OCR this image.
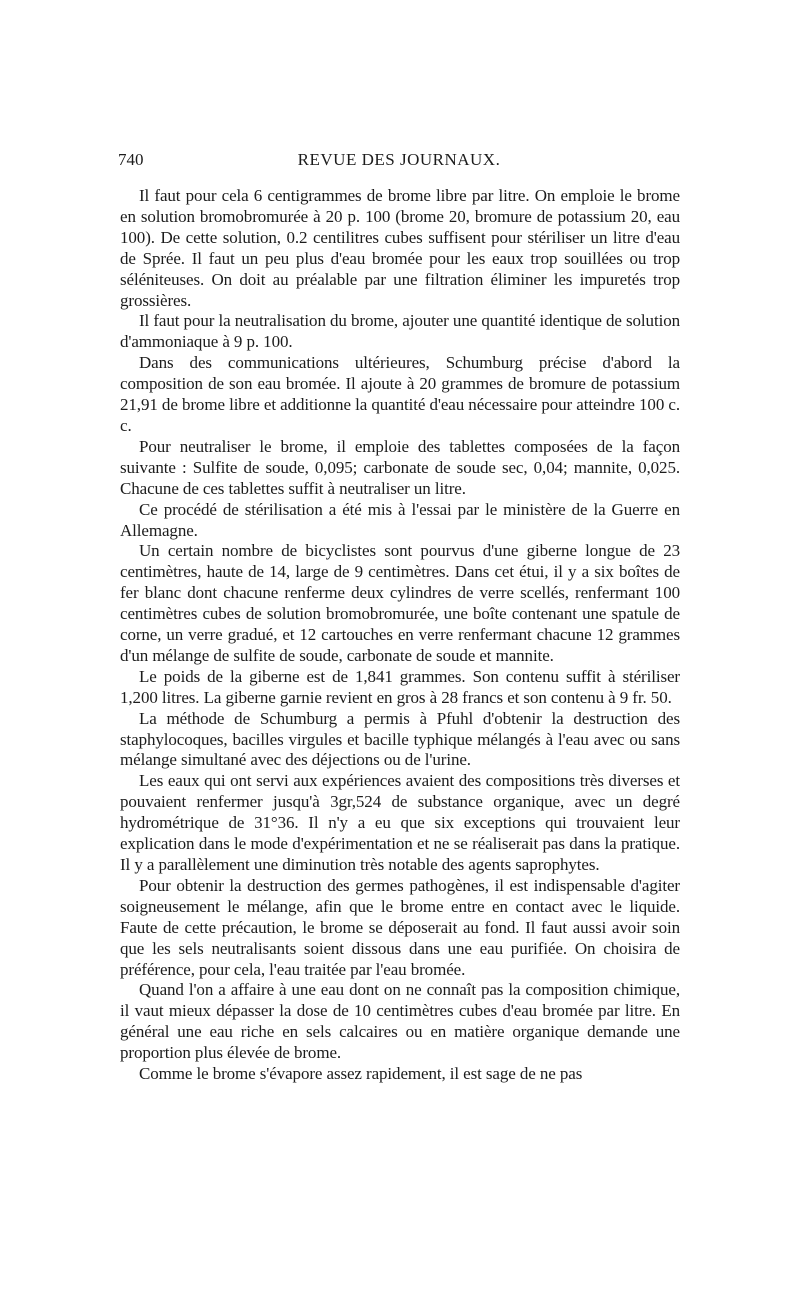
740	REVUE DES JOURNAUX.

Il faut pour cela 6 centigrammes de brome libre par litre. On emploie le brome en solution bromobromurée à 20 p. 100 (brome 20, bromure de potassium 20, eau 100). De cette solution, 0.2 centilitres cubes suffisent pour stériliser un litre d'eau de Sprée. Il faut un peu plus d'eau bromée pour les eaux trop souillées ou trop séléniteuses. On doit au préalable par une filtration éliminer les impuretés trop grossières.

Il faut pour la neutralisation du brome, ajouter une quantité identique de solution d'ammoniaque à 9 p. 100.

Dans des communications ultérieures, Schumburg précise d'abord la composition de son eau bromée. Il ajoute à 20 grammes de bromure de potassium 21,91 de brome libre et additionne la quantité d'eau nécessaire pour atteindre 100 c. c.

Pour neutraliser le brome, il emploie des tablettes composées de la façon suivante : Sulfite de soude, 0,095; carbonate de soude sec, 0,04; mannite, 0,025. Chacune de ces tablettes suffit à neutraliser un litre.

Ce procédé de stérilisation a été mis à l'essai par le ministère de la Guerre en Allemagne.

Un certain nombre de bicyclistes sont pourvus d'une giberne longue de 23 centimètres, haute de 14, large de 9 centimètres. Dans cet étui, il y a six boîtes de fer blanc dont chacune renferme deux cylindres de verre scellés, renfermant 100 centimètres cubes de solution bromobromurée, une boîte contenant une spatule de corne, un verre gradué, et 12 cartouches en verre renfermant chacune 12 grammes d'un mélange de sulfite de soude, carbonate de soude et mannite.

Le poids de la giberne est de 1,841 grammes. Son contenu suffit à stériliser 1,200 litres. La giberne garnie revient en gros à 28 francs et son contenu à 9 fr. 50.

La méthode de Schumburg a permis à Pfuhl d'obtenir la destruction des staphylocoques, bacilles virgules et bacille typhique mélangés à l'eau avec ou sans mélange simultané avec des déjections ou de l'urine.

Les eaux qui ont servi aux expériences avaient des compositions très diverses et pouvaient renfermer jusqu'à 3gr,524 de substance organique, avec un degré hydrométrique de 31°36. Il n'y a eu que six exceptions qui trouvaient leur explication dans le mode d'expérimentation et ne se réaliserait pas dans la pratique. Il y a parallèlement une diminution très notable des agents saprophytes.

Pour obtenir la destruction des germes pathogènes, il est indispensable d'agiter soigneusement le mélange, afin que le brome entre en contact avec le liquide. Faute de cette précaution, le brome se déposerait au fond. Il faut aussi avoir soin que les sels neutralisants soient dissous dans une eau purifiée. On choisira de préférence, pour cela, l'eau traitée par l'eau bromée.

Quand l'on a affaire à une eau dont on ne connaît pas la composition chimique, il vaut mieux dépasser la dose de 10 centimètres cubes d'eau bromée par litre. En général une eau riche en sels calcaires ou en matière organique demande une proportion plus élevée de brome.

Comme le brome s'évapore assez rapidement, il est sage de ne pas
